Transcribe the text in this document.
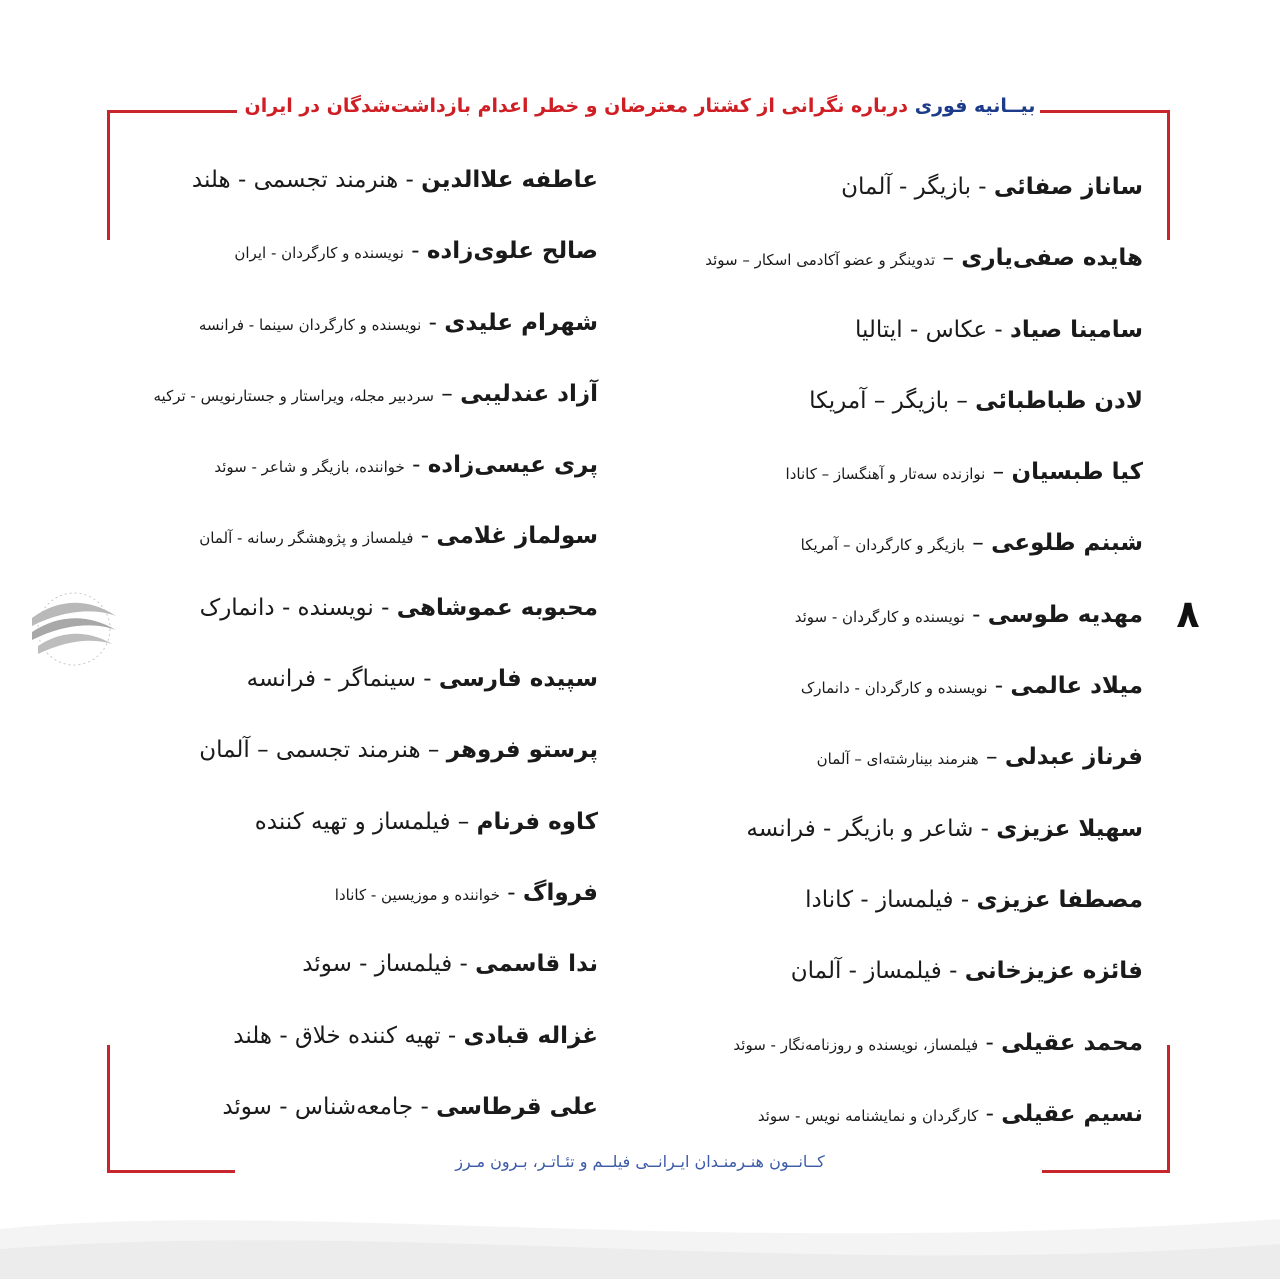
بیــانیه فوری درباره نگرانی از کشتار معترضان و خطر اعدام بازداشت‌شدگان در ایران
ساناز صفائی - بازیگر - آلمان
هایده صفی‌یاری – تدوینگر و عضو آکادمی اسکار – سوئد
سامینا صیاد - عکاس - ایتالیا
لادن طباطبائی – بازیگر – آمریکا
کیا طبسیان – نوازنده سه‌تار و آهنگساز – کانادا
شبنم طلوعی – بازیگر و کارگردان – آمریکا
مهدیه طوسی - نویسنده و کارگردان - سوئد
میلاد عالمی - نویسنده و کارگردان - دانمارک
فرناز عبدلی – هنرمند بینارشته‌ای – آلمان
سهیلا عزیزی - شاعر و بازیگر - فرانسه
مصطفا عزیزی - فیلمساز - کانادا
فائزه عزیزخانی - فیلمساز - آلمان
محمد عقیلی - فیلمساز، نویسنده و روزنامه‌نگار - سوئد
نسیم عقیلی - کارگردان و نمایشنامه نویس - سوئد
عاطفه علاالدین - هنرمند تجسمی - هلند
صالح علوی‌زاده - نویسنده و کارگردان - ایران
شهرام علیدی - نویسنده و کارگردان سینما - فرانسه
آزاد عندلیبی – سردبیر مجله، ویراستار و جستارنویس - ترکیه
پری عیسی‌زاده - خواننده، بازیگر و شاعر - سوئد
سولماز غلامی - فیلمساز و پژوهشگر رسانه - آلمان
محبوبه عموشاهی - نویسنده - دانمارک
سپیده فارسی - سینماگر - فرانسه
پرستو فروهر – هنرمند تجسمی – آلمان
کاوه فرنام – فیلمساز و تهیه کننده
فرواگ - خواننده و موزیسین - کانادا
ندا قاسمی - فیلمساز - سوئد
غزاله قبادی - تهیه کننده خلاق - هلند
علی قرطاسی - جامعه‌شناس - سوئد
۸
کــانــون هنـرمنـدان ایـرانــی فیلــم و تئـاتـر، بـرون مـرز
